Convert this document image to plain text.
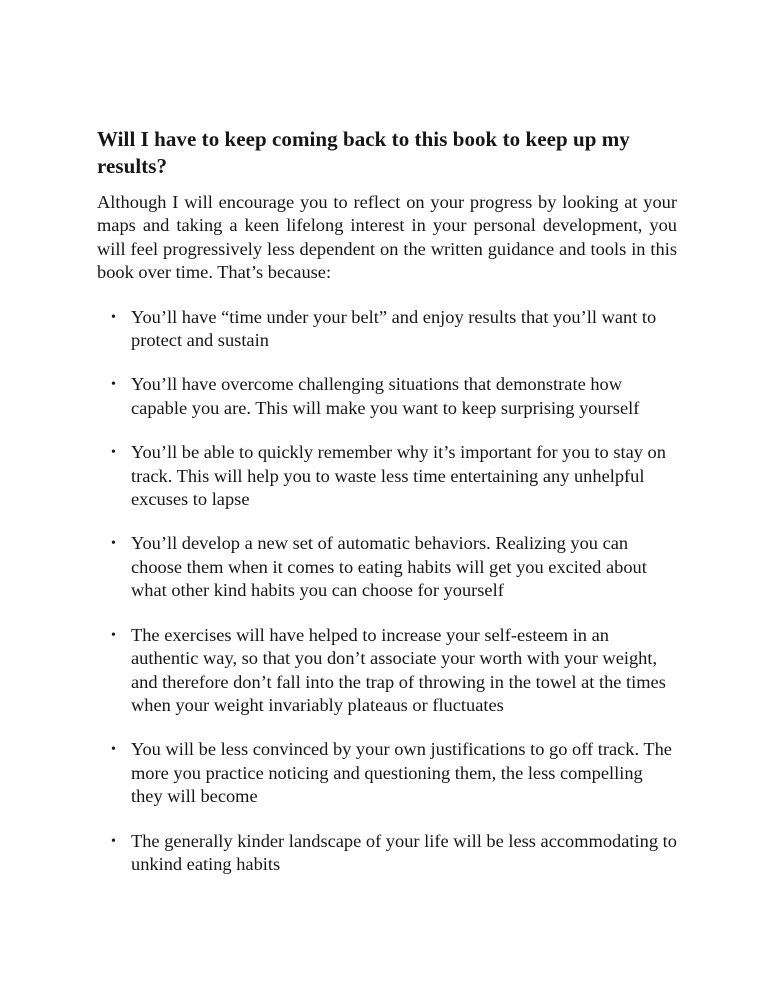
Will I have to keep coming back to this book to keep up my results?

Although I will encourage you to reflect on your progress by looking at your maps and taking a keen lifelong interest in your personal development, you will feel progressively less dependent on the written guidance and tools in this book over time. That’s because:

• You’ll have “time under your belt” and enjoy results that you’ll want to protect and sustain
• You’ll have overcome challenging situations that demonstrate how capable you are. This will make you want to keep surprising yourself
• You’ll be able to quickly remember why it’s important for you to stay on track. This will help you to waste less time entertaining any unhelpful excuses to lapse
• You’ll develop a new set of automatic behaviors. Realizing you can choose them when it comes to eating habits will get you excited about what other kind habits you can choose for yourself
• The exercises will have helped to increase your self-esteem in an authentic way, so that you don’t associate your worth with your weight, and therefore don’t fall into the trap of throwing in the towel at the times when your weight invariably plateaus or fluctuates
• You will be less convinced by your own justifications to go off track. The more you practice noticing and questioning them, the less compelling they will become
• The generally kinder landscape of your life will be less accommodating to unkind eating habits
